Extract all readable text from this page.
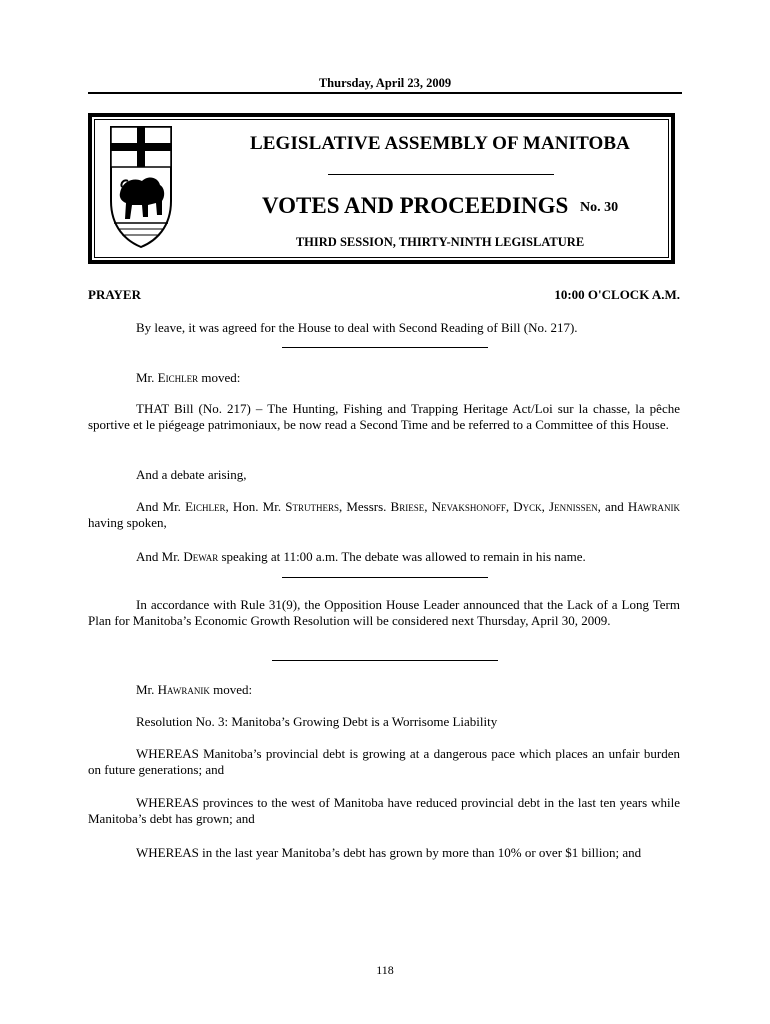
Thursday, April 23, 2009
LEGISLATIVE ASSEMBLY OF MANITOBA
VOTES AND PROCEEDINGS No. 30
THIRD SESSION, THIRTY-NINTH LEGISLATURE
PRAYER	10:00 O'CLOCK A.M.
By leave, it was agreed for the House to deal with Second Reading of Bill (No. 217).
Mr. Eichler moved:
THAT Bill (No. 217) – The Hunting, Fishing and Trapping Heritage Act/Loi sur la chasse, la pêche sportive et le piégeage patrimoniaux, be now read a Second Time and be referred to a Committee of this House.
And a debate arising,
And Mr. Eichler, Hon. Mr. Struthers, Messrs. Briese, Nevakshonoff, Dyck, Jennissen, and Hawranik having spoken,
And Mr. Dewar speaking at 11:00 a.m. The debate was allowed to remain in his name.
In accordance with Rule 31(9), the Opposition House Leader announced that the Lack of a Long Term Plan for Manitoba’s Economic Growth Resolution will be considered next Thursday, April 30, 2009.
Mr. Hawranik moved:
Resolution No. 3: Manitoba’s Growing Debt is a Worrisome Liability
WHEREAS Manitoba’s provincial debt is growing at a dangerous pace which places an unfair burden on future generations; and
WHEREAS provinces to the west of Manitoba have reduced provincial debt in the last ten years while Manitoba’s debt has grown; and
WHEREAS in the last year Manitoba’s debt has grown by more than 10% or over $1 billion; and
118
